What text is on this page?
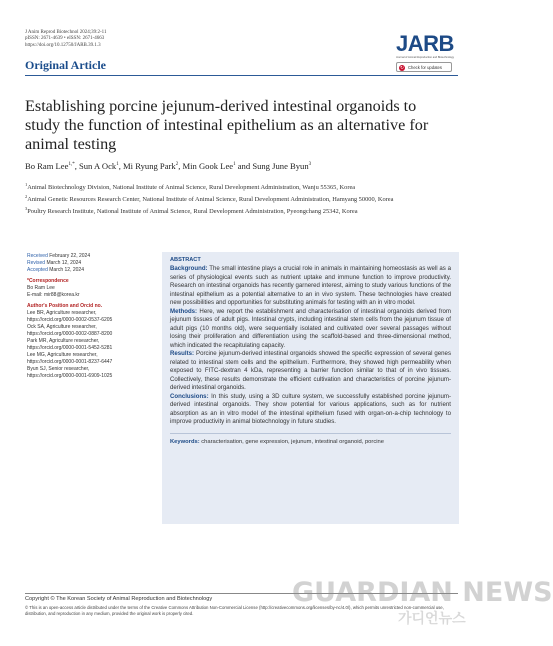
J Anim Reprod Biotechnol 2024;39:2-11
pISSN: 2671-4639 • eISSN: 2671-4663
https://doi.org/10.12750/JARB.39.1.3
Original Article
JARB
Journal of Animal Reproduction and Biotechnology
↻ Check for updates
Establishing porcine jejunum-derived intestinal organoids to study the function of intestinal epithelium as an alternative for animal testing
Bo Ram Lee$^{1,*}$, Sun A Ock$^1$, Mi Ryung Park$^2$, Min Gook Lee$^1$ and Sung June Byun$^3$
$^1$Animal Biotechnology Division, National Institute of Animal Science, Rural Development Administration, Wanju 55365, Korea
$^2$Animal Genetic Resources Research Center, National Institute of Animal Science, Rural Development Administration, Hamyang 50000, Korea
$^3$Poultry Research Institute, National Institute of Animal Science, Rural Development Administration, Pyeongchang 25342, Korea
Received February 22, 2024
Revised March 12, 2024
Accepted March 12, 2024
*Correspondence
Bo Ram Lee
E-mail: mir88@korea.kr
Author's Position and Orcid no.
Lee BR, Agriculture researcher,
https://orcid.org/0000-0002-0537-6205
Ock SA, Agriculture researcher,
https://orcid.org/0000-0002-0887-8200
Park MR, Agriculture researcher,
https://orcid.org/0000-0001-5452-5281
Lee MG, Agriculture researcher,
https://orcid.org/0000-0001-8237-6447
Byun SJ, Senior researcher,
https://orcid.org/0000-0001-6909-1025
ABSTRACT
Background: The small intestine plays a crucial role in animals in maintaining homeostasis as well as a series of physiological events such as nutrient uptake and immune function to improve productivity. Research on intestinal organoids has recently garnered interest, aiming to study various functions of the intestinal epithelium as a potential alternative to an in vivo system. These technologies have created new possibilities and opportunities for substituting animals for testing with an in vitro model.
Methods: Here, we report the establishment and characterisation of intestinal organoids derived from jejunum tissues of adult pigs. Intestinal crypts, including intestinal stem cells from the jejunum tissue of adult pigs (10 months old), were sequentially isolated and cultivated over several passages without losing their proliferation and differentiation using the scaffold-based and three-dimensional method, which indicated the recapitulating capacity.
Results: Porcine jejunum-derived intestinal organoids showed the specific expression of several genes related to intestinal stem cells and the epithelium. Furthermore, they showed high permeability when exposed to FITC-dextran 4 kDa, representing a barrier function similar to that of in vivo tissues. Collectively, these results demonstrate the efficient cultivation and characteristics of porcine jejunum-derived intestinal organoids.
Conclusions: In this study, using a 3D culture system, we successfully established porcine jejunum-derived intestinal organoids. They show potential for various applications, such as for nutrient absorption as an in vitro model of the intestinal epithelium fused with organ-on-a-chip technology to improve productivity in animal biotechnology in future studies.
Keywords: characterisation, gene expression, jejunum, intestinal organoid, porcine
GUARDIAN NEWS
가디언뉴스
Copyright © The Korean Society of Animal Reproduction and Biotechnology
© This is an open-access article distributed under the terms of the Creative Commons Attribution Non-Commercial License (http://creativecommons.org/licenses/by-nc/4.0/), which permits unrestricted non-commercial use, distribution, and reproduction in any medium, provided the original work is properly cited.
